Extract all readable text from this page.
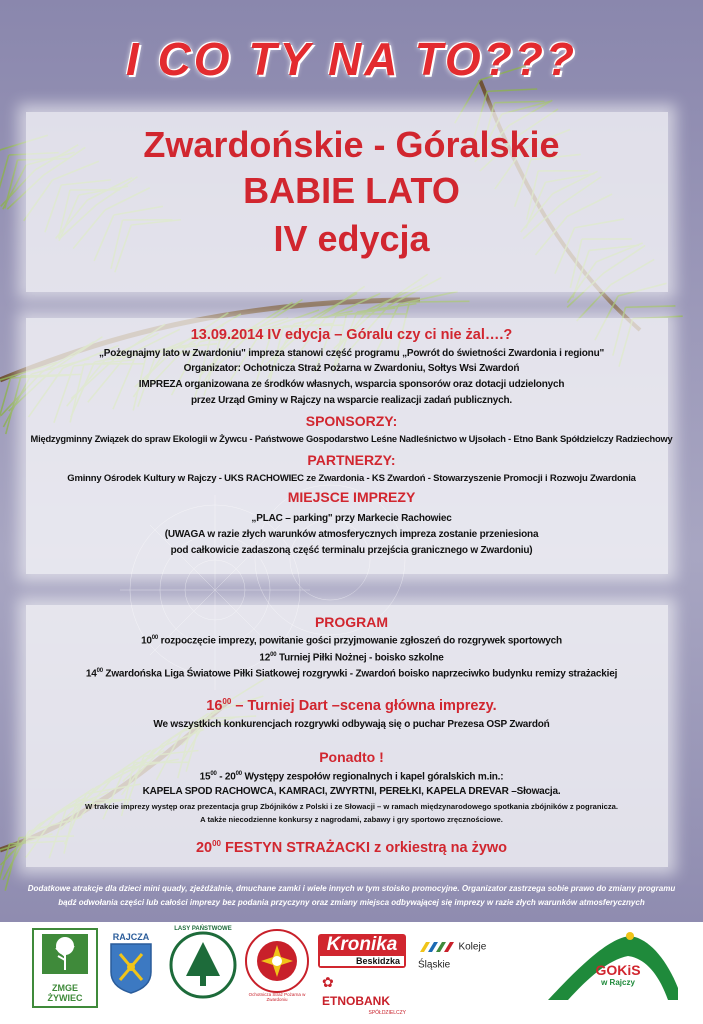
I CO TY NA TO???

Zwardońskie - Góralskie

BABIE LATO

IV edycja

13.09.2014 IV edycja – Góralu czy ci nie żal….?

„Pożegnajmy lato w Zwardoniu" impreza stanowi część programu „Powrót do świetności Zwardonia i regionu"

Organizator: Ochotnicza Straż Pożarna w Zwardoniu, Sołtys Wsi Zwardoń

IMPREZA organizowana ze środków własnych, wsparcia sponsorów oraz dotacji udzielonych

przez Urząd Gminy w Rajczy na wsparcie realizacji zadań publicznych.

SPONSORZY:

Międzygminny Związek do spraw Ekologii w Żywcu - Państwowe Gospodarstwo Leśne Nadleśnictwo w Ujsołach - Etno Bank Spółdzielczy Radziechowy

PARTNERZY:

Gminny Ośrodek Kultury w Rajczy - UKS RACHOWIEC ze Zwardonia - KS Zwardoń - Stowarzyszenie Promocji i Rozwoju Zwardonia

MIEJSCE IMPREZY

„PLAC – parking" przy Markecie Rachowiec

(UWAGA w razie złych warunków atmosferycznych impreza zostanie przeniesiona

pod całkowicie zadaszoną część terminalu przejścia granicznego w Zwardoniu)

PROGRAM

$10^{00}$ rozpoczęcie imprezy, powitanie gości przyjmowanie zgłoszeń do rozgrywek sportowych

$12^{00}$ Turniej Piłki Nożnej - boisko szkolne

$14^{00}$ Zwardońska Liga Światowe Piłki Siatkowej rozgrywki - Zwardoń boisko naprzeciwko budynku remizy strażackiej

$16^{00}$ – Turniej Dart –scena główna imprezy.

We wszystkich konkurencjach rozgrywki odbywają się o puchar Prezesa OSP Zwardoń

Ponadto !

$15^{00} - 20^{00}$ Występy zespołów regionalnych i kapel góralskich m.in.:

KAPELA SPOD RACHOWCA, KAMRACI, ZWYRTNI, PEREŁKI, KAPELA DREVAR –Słowacja.

W trakcie imprezy występ oraz prezentacja grup Zbójników z Polski i ze Słowacji – w ramach międzynarodowego spotkania zbójników z pogranicza.

A także niecodzienne konkursy z nagrodami, zabawy i gry sportowo zręcznościowe.

$20^{00}$ FESTYN STRAŻACKI z orkiestrą na żywo

Dodatkowe atrakcje dla dzieci mini quady, zjeżdżalnie, dmuchane zamki i wiele innych w tym stoisko promocyjne. Organizator zastrzega sobie prawo do zmiany programu

bądź odwołania części lub całości imprezy bez podania przyczyny oraz zmiany miejsca odbywającej się imprezy w razie złych warunków atmosferycznych

ZMGE
ŻYWIEC
RAJCZA
LASY PAŃSTWOWE
Ochotnicza Straż Pożarna w Zwardoniu
Kronika
Beskidzka
✿ ETNOBANK
SPÓŁDZIELCZY
Koleje Śląskie	GOKiS
w Rajczy
